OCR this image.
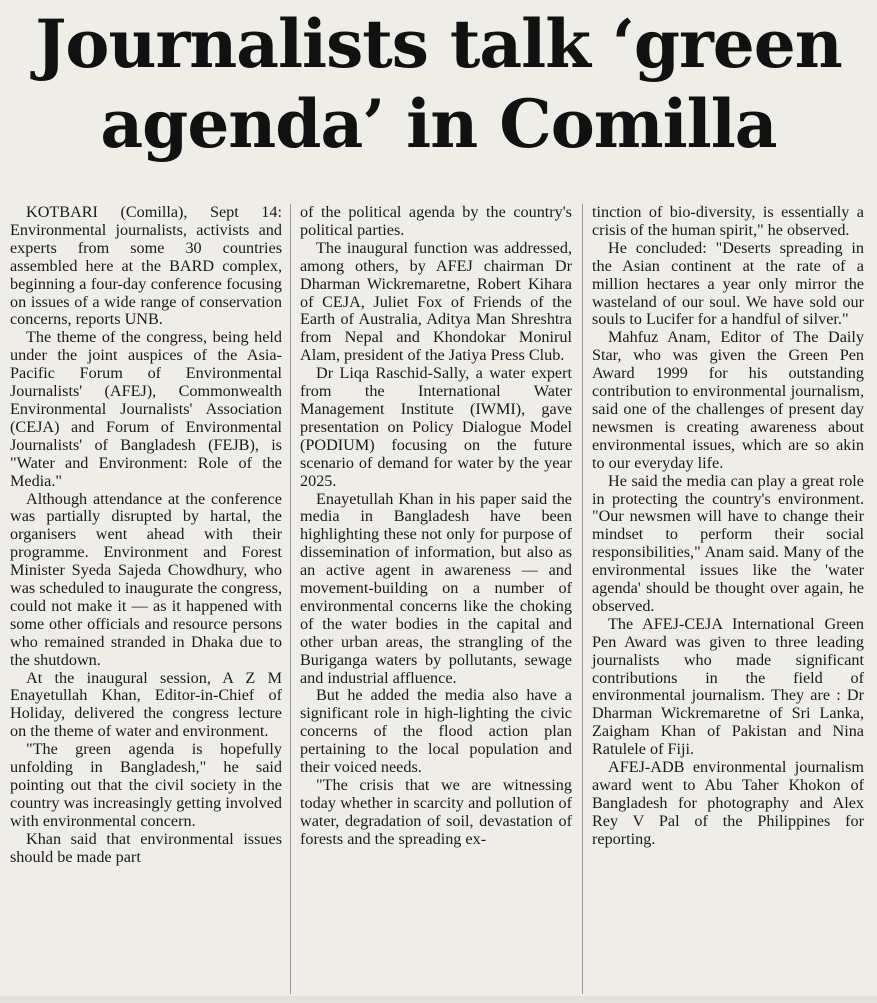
Journalists talk ‘green agenda’ in Comilla

KOTBARI (Comilla), Sept 14: Environmental journalists, activists and experts from some 30 countries assembled here at the BARD complex, beginning a four-day conference focusing on issues of a wide range of conservation concerns, reports UNB.

The theme of the congress, being held under the joint auspices of the Asia-Pacific Forum of Environmental Journalists' (AFEJ), Commonwealth Environmental Journalists' Association (CEJA) and Forum of Environmental Journalists' of Bangladesh (FEJB), is "Water and Environment: Role of the Media."

Although attendance at the conference was partially disrupted by hartal, the organisers went ahead with their programme. Environment and Forest Minister Syeda Sajeda Chowdhury, who was scheduled to inaugurate the congress, could not make it — as it happened with some other officials and resource persons who remained stranded in Dhaka due to the shutdown.

At the inaugural session, A Z M Enayetullah Khan, Editor-in-Chief of Holiday, delivered the congress lecture on the theme of water and environment.

"The green agenda is hopefully unfolding in Bangladesh," he said pointing out that the civil society in the country was increasingly getting involved with environmental concern.

Khan said that environmental issues should be made part

of the political agenda by the country's political parties.

The inaugural function was addressed, among others, by AFEJ chairman Dr Dharman Wickremaretne, Robert Kihara of CEJA, Juliet Fox of Friends of the Earth of Australia, Aditya Man Shreshtra from Nepal and Khondokar Monirul Alam, president of the Jatiya Press Club.

Dr Liqa Raschid-Sally, a water expert from the International Water Management Institute (IWMI), gave presentation on Policy Dialogue Model (PODIUM) focusing on the future scenario of demand for water by the year 2025.

Enayetullah Khan in his paper said the media in Bangladesh have been highlighting these not only for purpose of dissemination of information, but also as an active agent in awareness — and movement-building on a number of environmental concerns like the choking of the water bodies in the capital and other urban areas, the strangling of the Buriganga waters by pollutants, sewage and industrial affluence.

But he added the media also have a significant role in high-lighting the civic concerns of the flood action plan pertaining to the local population and their voiced needs.

"The crisis that we are witnessing today whether in scarcity and pollution of water, degradation of soil, devastation of forests and the spreading ex-

tinction of bio-diversity, is essentially a crisis of the human spirit," he observed.

He concluded: "Deserts spreading in the Asian continent at the rate of a million hectares a year only mirror the wasteland of our soul. We have sold our souls to Lucifer for a handful of silver."

Mahfuz Anam, Editor of The Daily Star, who was given the Green Pen Award 1999 for his outstanding contribution to environmental journalism, said one of the challenges of present day newsmen is creating awareness about environmental issues, which are so akin to our everyday life.

He said the media can play a great role in protecting the country's environment. "Our newsmen will have to change their mindset to perform their social responsibilities," Anam said. Many of the environmental issues like the 'water agenda' should be thought over again, he observed.

The AFEJ-CEJA International Green Pen Award was given to three leading journalists who made significant contributions in the field of environmental journalism. They are : Dr Dharman Wickremaretne of Sri Lanka, Zaigham Khan of Pakistan and Nina Ratulele of Fiji.

AFEJ-ADB environmental journalism award went to Abu Taher Khokon of Bangladesh for photography and Alex Rey V Pal of the Philippines for reporting.
